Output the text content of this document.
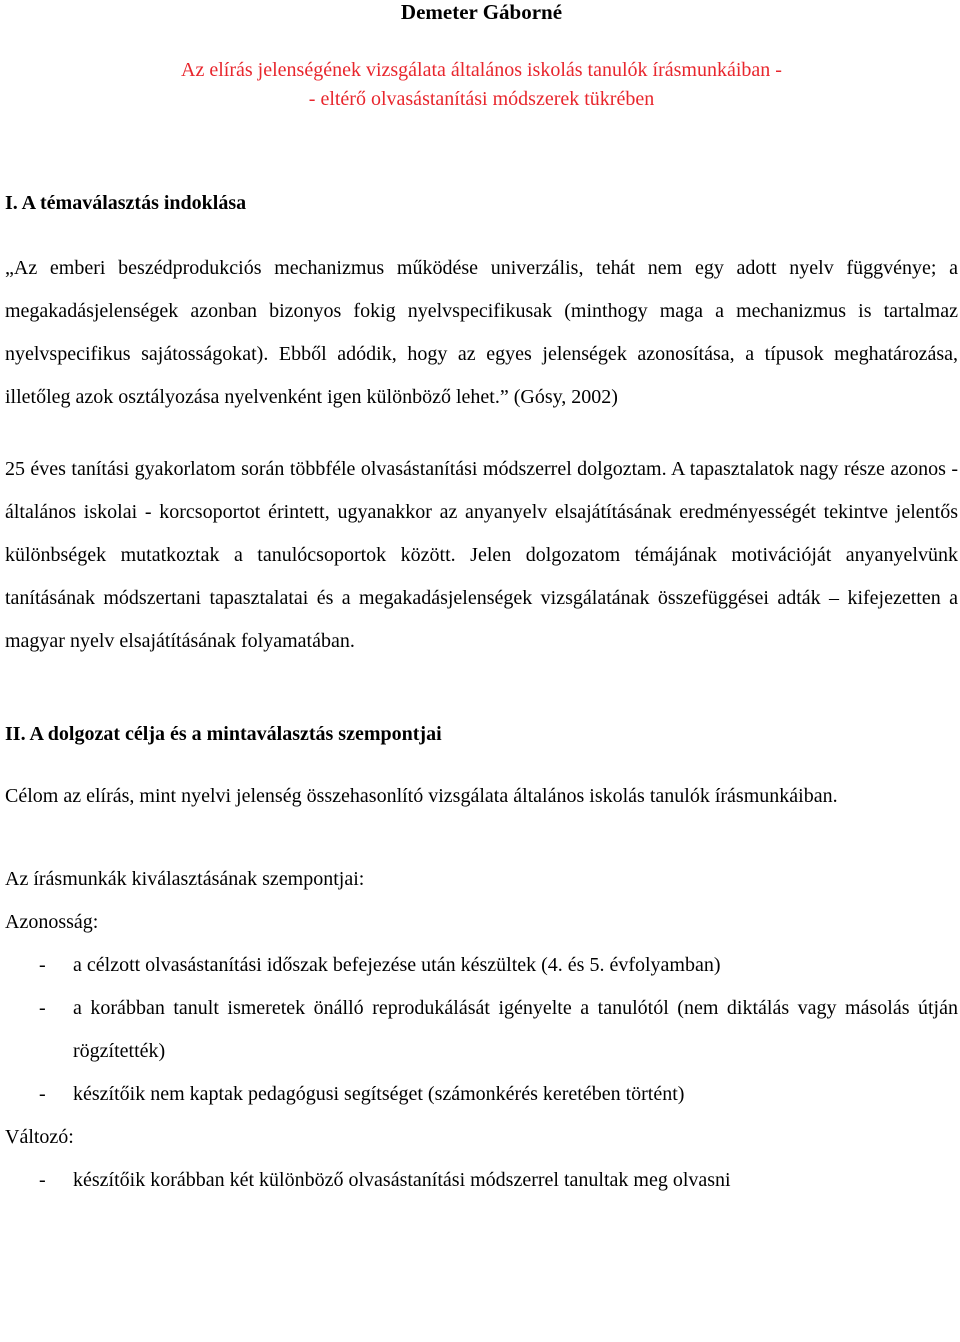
Demeter Gáborné
Az elírás jelenségének vizsgálata általános iskolás tanulók írásmunkáiban -
- eltérő olvasástanítási módszerek tükrében
I. A témaválasztás indoklása

„Az emberi beszédprodukciós mechanizmus működése univerzális, tehát nem egy adott nyelv függvénye; a megakadásjelenségek azonban bizonyos fokig nyelvspecifikusak (minthogy maga a mechanizmus is tartalmaz nyelvspecifikus sajátosságokat). Ebből adódik, hogy az egyes jelenségek azonosítása, a típusok meghatározása, illetőleg azok osztályozása nyelvenként igen különböző lehet.” (Gósy, 2002)

25 éves tanítási gyakorlatom során többféle olvasástanítási módszerrel dolgoztam. A tapasztalatok nagy része azonos - általános iskolai - korcsoportot érintett, ugyanakkor az anyanyelv elsajátításának eredményességét tekintve jelentős különbségek mutatkoztak a tanulócsoportok között. Jelen dolgozatom témájának motivációját anyanyelvünk tanításának módszertani tapasztalatai és a megakadásjelenségek vizsgálatának összefüggései adták – kifejezetten a magyar nyelv elsajátításának folyamatában.

II. A dolgozat célja és a mintaválasztás szempontjai

Célom az elírás, mint nyelvi jelenség összehasonlító vizsgálata általános iskolás tanulók írásmunkáiban.

Az írásmunkák kiválasztásának szempontjai:
Azonosság:
-	a célzott olvasástanítási időszak befejezése után készültek (4. és 5. évfolyamban)
-	a korábban tanult ismeretek önálló reprodukálását igényelte a tanulótól (nem diktálás vagy másolás útján rögzítették)
-	készítőik nem kaptak pedagógusi segítséget (számonkérés keretében történt)
Változó:
-	készítőik korábban két különböző olvasástanítási módszerrel tanultak meg olvasni
